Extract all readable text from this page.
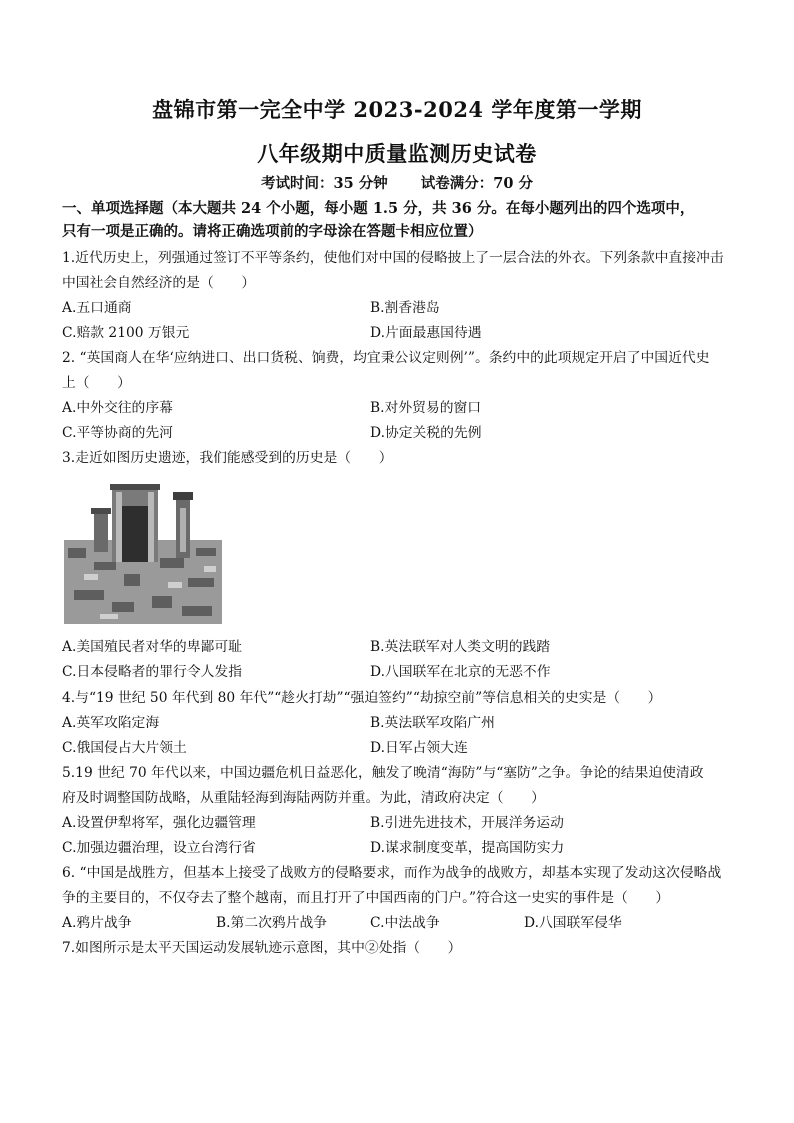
盘锦市第一完全中学 2023-2024 学年度第一学期
八年级期中质量监测历史试卷
考试时间：35 分钟 试卷满分：70 分
一、单项选择题（本大题共 24 个小题，每小题 1.5 分，共 36 分。在每小题列出的四个选项中，
只有一项是正确的。请将正确选项前的字母涂在答题卡相应位置）
1.近代历史上，列强通过签订不平等条约，使他们对中国的侵略披上了一层合法的外衣。下列条款中直接冲击
中国社会自然经济的是（　　）
A.五口通商	B.割香港岛
C.赔款 2100 万银元	D.片面最惠国待遇
2. “英国商人在华‘应纳进口、出口货税、饷费，均宜秉公议定则例’”。条约中的此项规定开启了中国近代史
上（　　）
A.中外交往的序幕	B.对外贸易的窗口
C.平等协商的先河	D.协定关税的先例
3.走近如图历史遗迹，我们能感受到的历史是（　　）
A.美国殖民者对华的卑鄙可耻	B.英法联军对人类文明的践踏
C.日本侵略者的罪行令人发指	D.八国联军在北京的无恶不作
4.与“19 世纪 50 年代到 80 年代”“趁火打劫”“强迫签约”“劫掠空前”等信息相关的史实是（　　）
A.英军攻陷定海	B.英法联军攻陷广州
C.俄国侵占大片领土	D.日军占领大连
5.19 世纪 70 年代以来，中国边疆危机日益恶化，触发了晚清“海防”与“塞防”之争。争论的结果迫使清政
府及时调整国防战略，从重陆轻海到海陆两防并重。为此，清政府决定（　　）
A.设置伊犁将军，强化边疆管理	B.引进先进技术，开展洋务运动
C.加强边疆治理，设立台湾行省	D.谋求制度变革，提高国防实力
6. “中国是战胜方，但基本上接受了战败方的侵略要求，而作为战争的战败方，却基本实现了发动这次侵略战
争的主要目的，不仅夺去了整个越南，而且打开了中国西南的门户。”符合这一史实的事件是（　　）
A.鸦片战争	B.第二次鸦片战争	C.中法战争	D.八国联军侵华
7.如图所示是太平天国运动发展轨迹示意图，其中②处指（　　）
